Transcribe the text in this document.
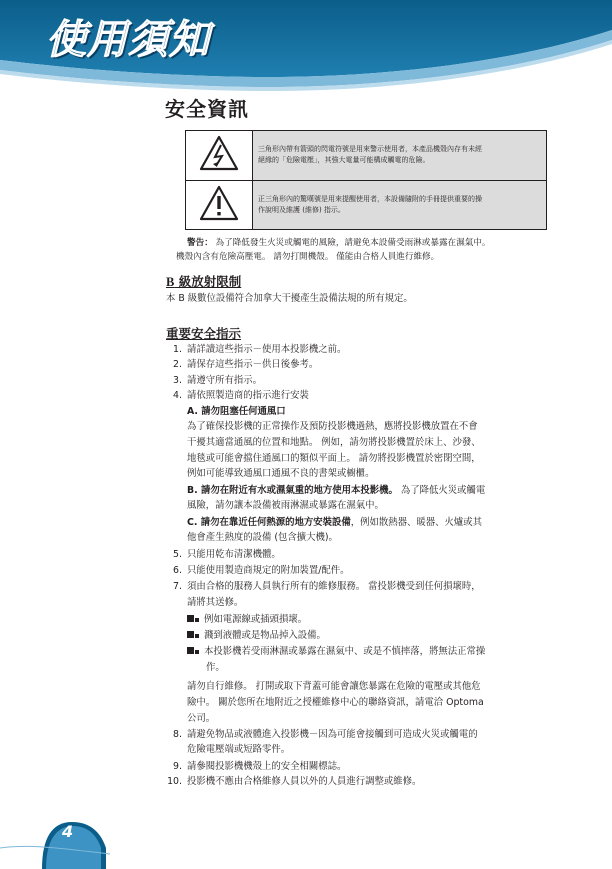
使用須知
安全資訊

三角形內帶有箭頭的閃電符號是用來警示使用者，本產品機殼內存有未經
絕緣的「危險電壓」，其強大電量可能構成觸電的危險。

正三角形內的驚嘆號是用來提醒使用者，本設備隨附的手冊提供重要的操
作說明及維護 (維修) 指示。
警告： 為了降低發生火災或觸電的風險，請避免本設備受雨淋或暴露在濕氣中。
機殼內含有危險高壓電。 請勿打開機殼。 僅能由合格人員進行維修。
B 級放射限制
本 B 級數位設備符合加拿大干擾產生設備法規的所有規定。
重要安全指示
1. 請詳讀這些指示－使用本投影機之前。
2. 請保存這些指示－供日後參考。
3. 請遵守所有指示。
4. 請依照製造商的指示進行安裝
A. 請勿阻塞任何通風口
為了確保投影機的正常操作及預防投影機過熱，應將投影機放置在不會
干擾其適當通風的位置和地點。 例如，請勿將投影機置於床上、沙發、
地毯或可能會擋住通風口的類似平面上。 請勿將投影機置於密閉空間，
例如可能導致通風口通風不良的書架或櫥櫃。
B. 請勿在附近有水或濕氣重的地方使用本投影機。 為了降低火災或觸電
風險，請勿讓本設備被雨淋濕或暴露在濕氣中。
C. 請勿在靠近任何熱源的地方安裝設備，例如散熱器、暖器、火爐或其
他會產生熱度的設備 (包含擴大機)。
5. 只能用乾布清潔機體。
6. 只能使用製造商規定的附加裝置/配件。
7. 須由合格的服務人員執行所有的維修服務。 當投影機受到任何損壞時，
請將其送修。
例如電源線或插頭損壞。
濺到液體或是物品掉入設備。
本投影機若受雨淋濕或暴露在濕氣中、或是不慎摔落，將無法正常操
作。
請勿自行維修。 打開或取下背蓋可能會讓您暴露在危險的電壓或其他危
險中。 關於您所在地附近之授權維修中心的聯絡資訊，請電洽 Optoma
公司。
8. 請避免物品或液體進入投影機－因為可能會接觸到可造成火災或觸電的
危險電壓端或短路零件。
9. 請參閱投影機機殼上的安全相關標誌。
10. 投影機不應由合格維修人員以外的人員進行調整或維修。
4
